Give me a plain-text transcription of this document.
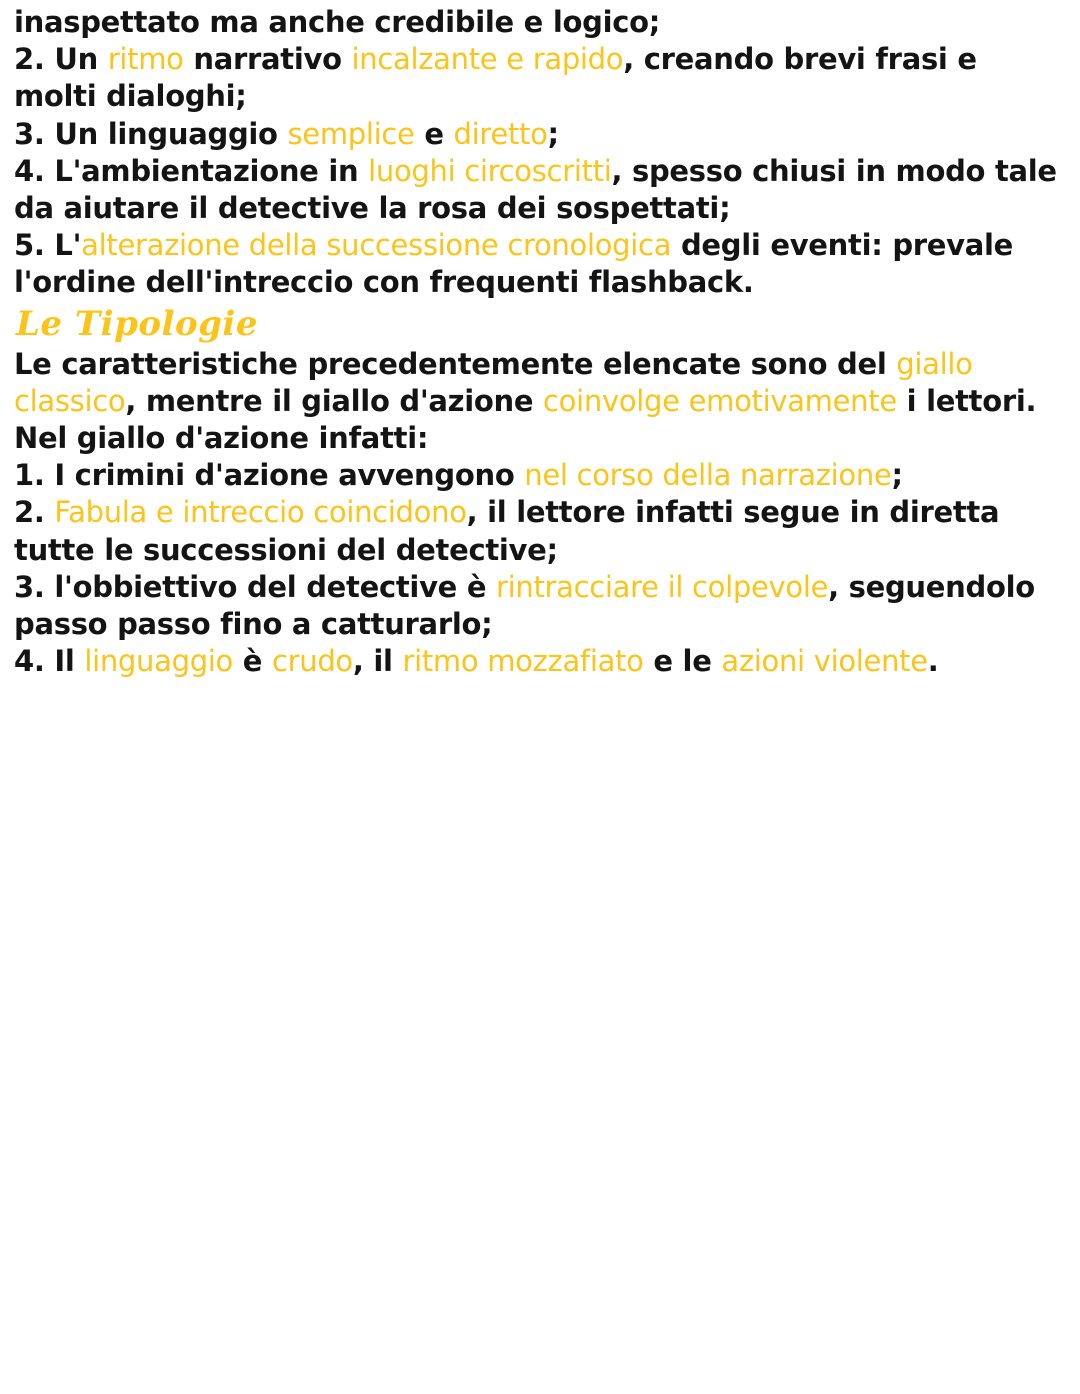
inaspettato ma anche credibile e logico;
2. Un ritmo narrativo incalzante e rapido, creando brevi frasi e
molti dialoghi;
3. Un linguaggio semplice e diretto;
4. L'ambientazione in luoghi circoscritti, spesso chiusi in modo tale
da aiutare il detective la rosa dei sospettati;
5. L'alterazione della successione cronologica degli eventi: prevale
l'ordine dell'intreccio con frequenti flashback.
Le Tipologie
Le caratteristiche precedentemente elencate sono del giallo
classico, mentre il giallo d'azione coinvolge emotivamente i lettori.
Nel giallo d'azione infatti:
1. I crimini d'azione avvengono nel corso della narrazione;
2. Fabula e intreccio coincidono, il lettore infatti segue in diretta
tutte le successioni del detective;
3. l'obbiettivo del detective è rintracciare il colpevole, seguendolo
passo passo fino a catturarlo;
4. Il linguaggio è crudo, il ritmo mozzafiato e le azioni violente.
